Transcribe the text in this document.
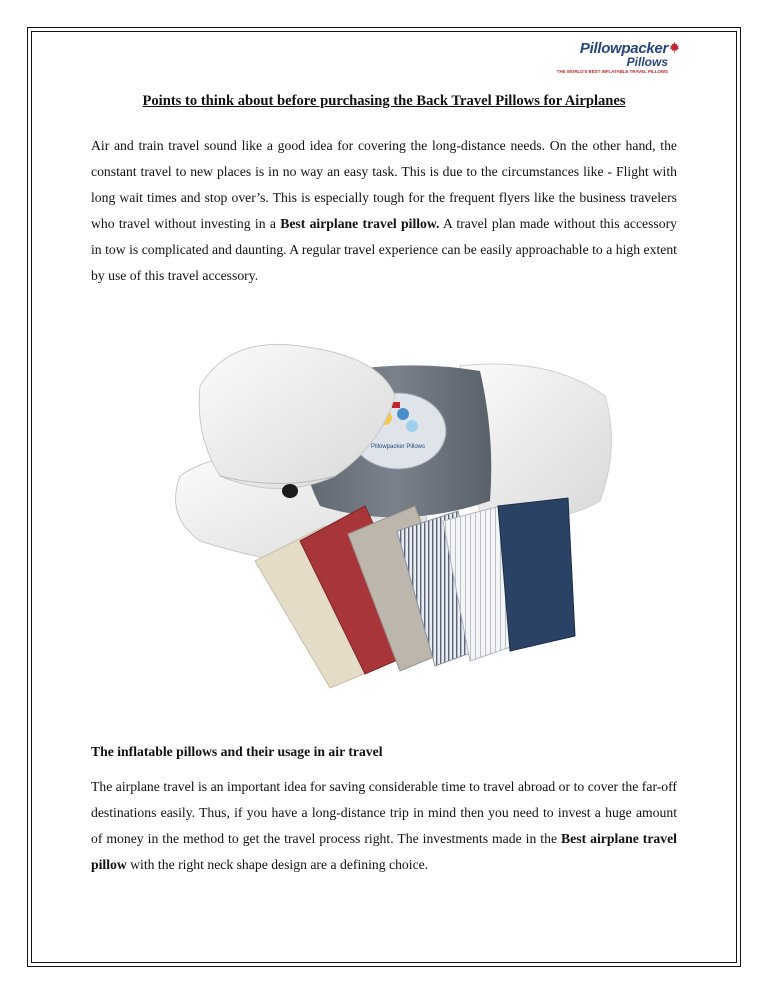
Pillowpacker
Pillows
THE WORLD'S BEST INFLATABLE TRAVEL PILLOWS
Points to think about before purchasing the Back Travel Pillows for Airplanes

Air and train travel sound like a good idea for covering the long-distance needs. On the other hand, the constant travel to new places is in no way an easy task. This is due to the circumstances like - Flight with long wait times and stop over’s. This is especially tough for the frequent flyers like the business travelers who travel without investing in a Best airplane travel pillow. A travel plan made without this accessory in tow is complicated and daunting. A regular travel experience can be easily approachable to a high extent by use of this travel accessory.

Pillowpacker Pillows
The inflatable pillows and their usage in air travel

The airplane travel is an important idea for saving considerable time to travel abroad or to cover the far-off destinations easily. Thus, if you have a long-distance trip in mind then you need to invest a huge amount of money in the method to get the travel process right. The investments made in the Best airplane travel pillow with the right neck shape design are a defining choice.
